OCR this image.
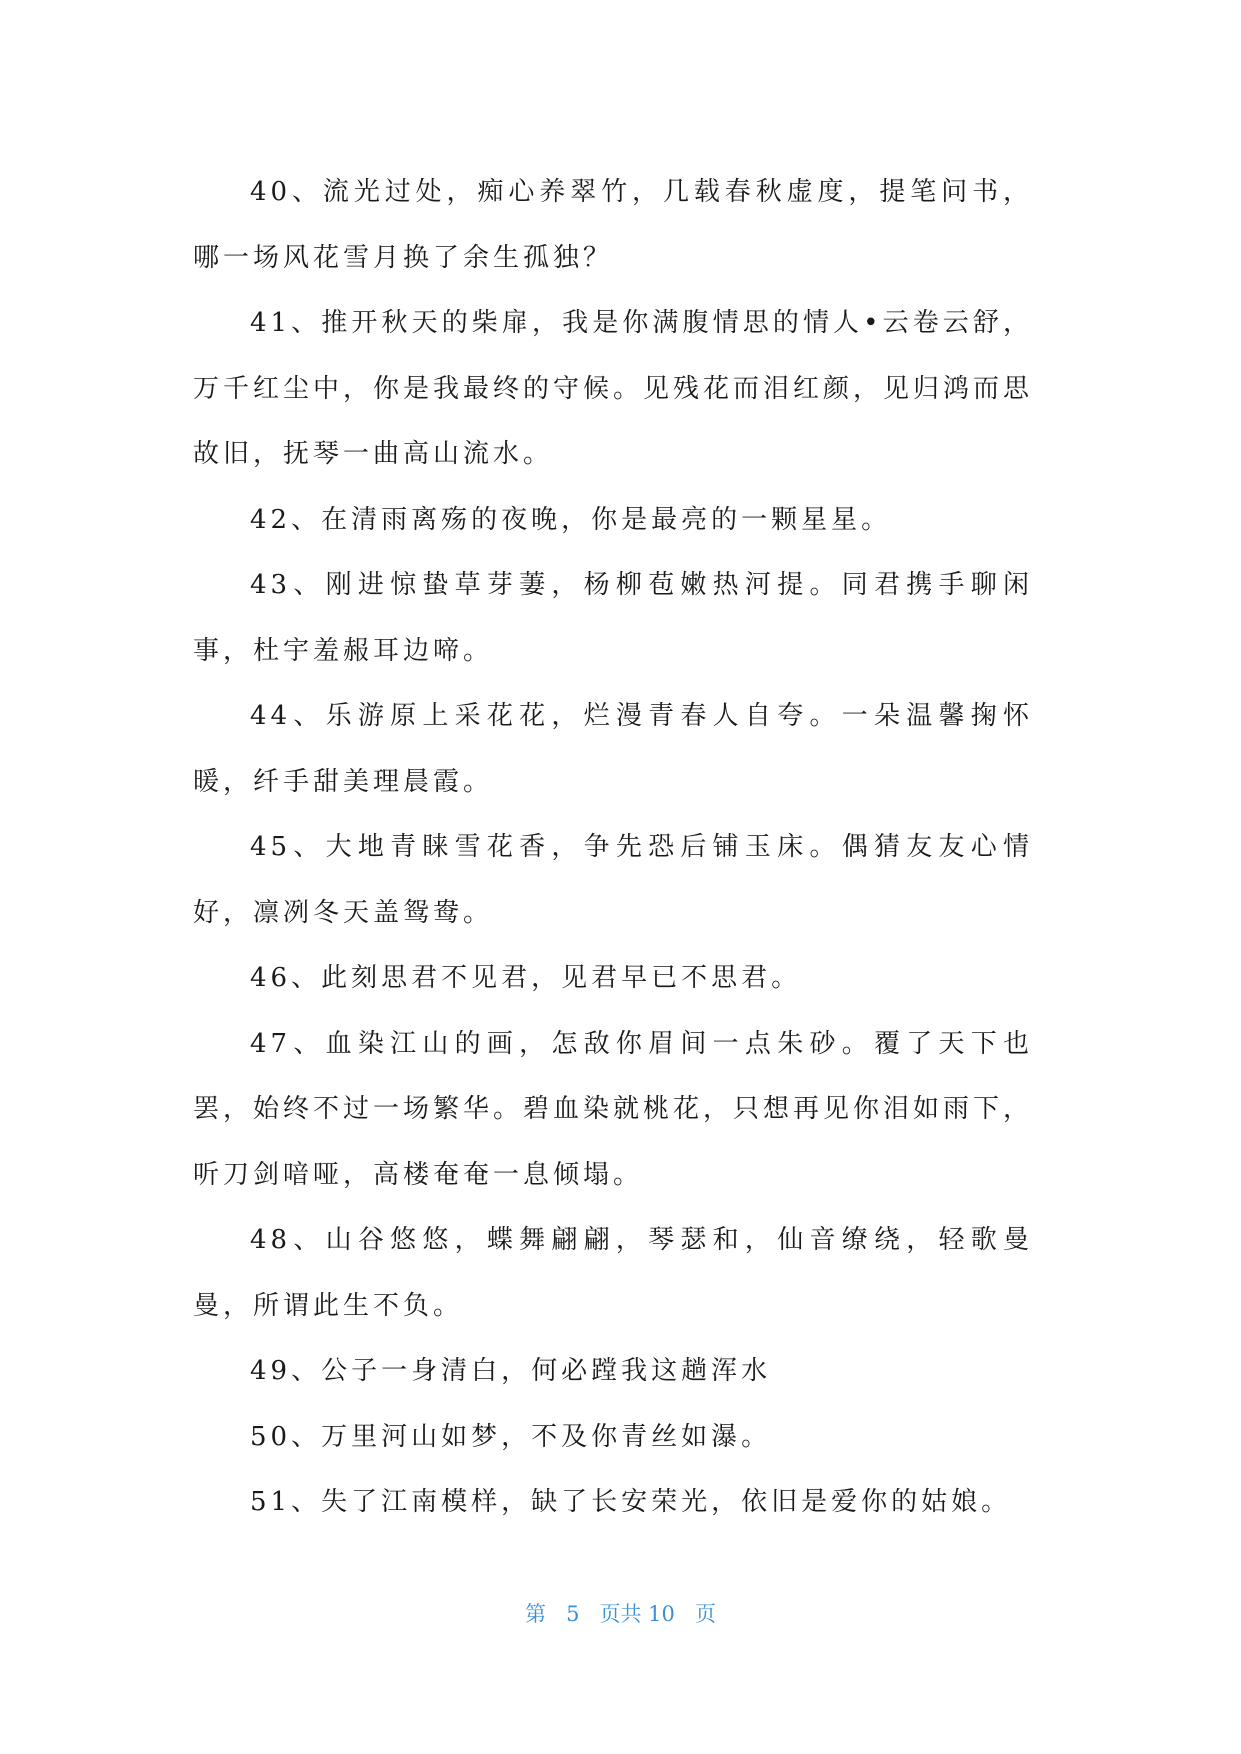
40、流光过处，痴心养翠竹，几载春秋虚度，提笔问书，哪一场风花雪月换了余生孤独？

41、推开秋天的柴扉，我是你满腹情思的情人•云卷云舒，万千红尘中，你是我最终的守候。见残花而泪红颜，见归鸿而思故旧，抚琴一曲高山流水。

42、在清雨离殇的夜晚，你是最亮的一颗星星。

43、刚进惊蛰草芽萋，杨柳苞嫩热河提。同君携手聊闲事，杜宇羞赧耳边啼。

44、乐游原上采花花，烂漫青春人自夸。一朵温馨掬怀暖，纤手甜美理晨霞。

45、大地青睐雪花香，争先恐后铺玉床。偶猜友友心情好，凛冽冬天盖鸳鸯。

46、此刻思君不见君，见君早已不思君。

47、血染江山的画，怎敌你眉间一点朱砂。覆了天下也罢，始终不过一场繁华。碧血染就桃花，只想再见你泪如雨下，听刀剑喑哑，高楼奄奄一息倾塌。

48、山谷悠悠，蝶舞翩翩，琴瑟和，仙音缭绕，轻歌曼曼，所谓此生不负。

49、公子一身清白，何必蹚我这趟浑水

50、万里河山如梦，不及你青丝如瀑。

51、失了江南模样，缺了长安荣光，依旧是爱你的姑娘。

第 5 页共 10 页
